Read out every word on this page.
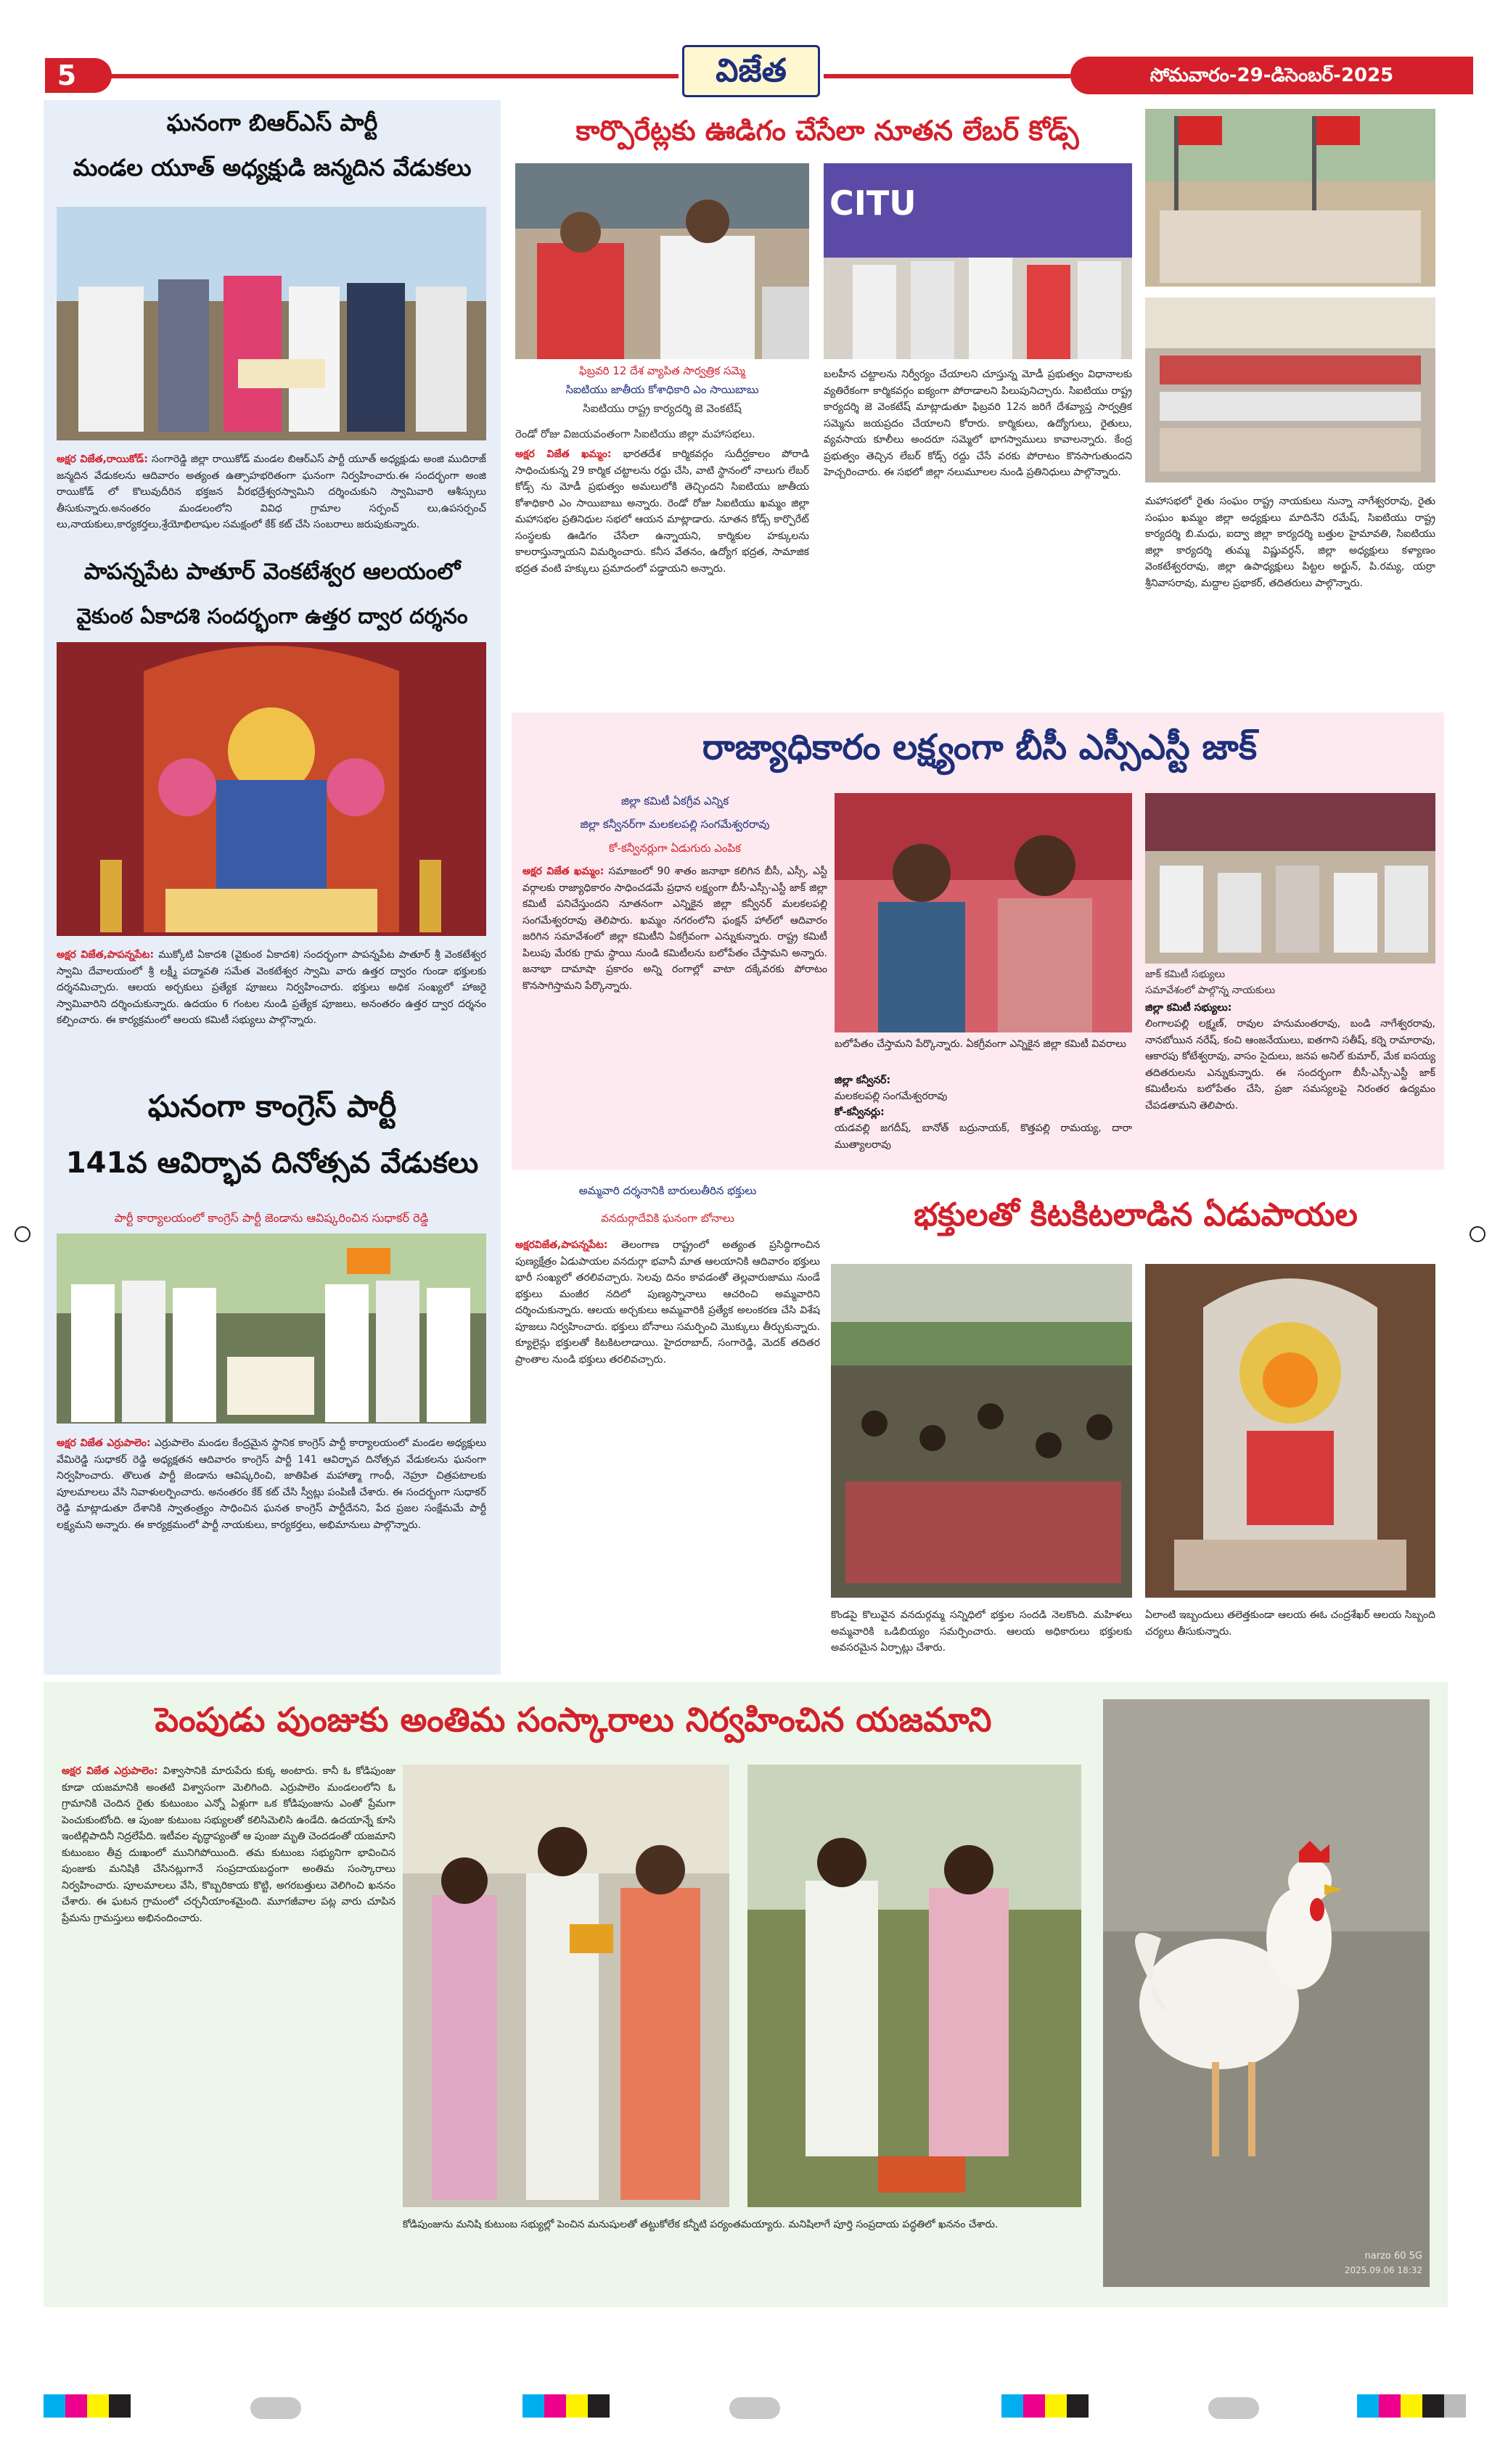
5	విజేత	సోమవారం-29-డిసెంబర్-2025
ఘనంగా బిఆర్ఎస్ పార్టీ
మండల యూత్ అధ్యక్షుడి జన్మదిన వేడుకలు
అక్షర విజేత,రాయికోడ్: సంగారెడ్డి జిల్లా రాయికోడ్ మండల బిఆర్ఎస్ పార్టీ యూత్ అధ్యక్షుడు అంజి ముదిరాజ్ జన్మదిన వేడుకలను ఆదివారం అత్యంత ఉత్సాహభరితంగా ఘనంగా నిర్వహించారు.ఈ సందర్భంగా అంజి రాయికోడ్ లో కొలువుదీరిన భక్తజన వీరభద్రేశ్వరస్వామిని దర్శించుకుని స్వామివారి ఆశీస్సులు తీసుకున్నారు.అనంతరం మండలంలోని వివిధ గ్రామాల సర్పంచ్ లు,ఉపసర్పంచ్ లు,నాయకులు,కార్యకర్తలు,శ్రేయోభిలాషుల సమక్షంలో కేక్ కట్ చేసి సంబరాలు జరుపుకున్నారు.
పాపన్నపేట పాతూర్ వెంకటేశ్వర ఆలయంలో
వైకుంఠ ఏకాదశి సందర్భంగా ఉత్తర ద్వార దర్శనం
అక్షర విజేత,పాపన్నపేట: ముక్కోటి ఏకాదశి (వైకుంఠ ఏకాదశి) సందర్భంగా పాపన్నపేట పాతూర్ శ్రీ వెంకటేశ్వర స్వామి దేవాలయంలో శ్రీ లక్ష్మీ పద్మావతి సమేత వెంకటేశ్వర స్వామి వారు ఉత్తర ద్వారం గుండా భక్తులకు దర్శనమిచ్చారు. ఆలయ అర్చకులు ప్రత్యేక పూజలు నిర్వహించారు. భక్తులు అధిక సంఖ్యలో హాజరై స్వామివారిని దర్శించుకున్నారు. ఉదయం 6 గంటల నుండి ప్రత్యేక పూజలు, అనంతరం ఉత్తర ద్వార దర్శనం కల్పించారు. ఈ కార్యక్రమంలో ఆలయ కమిటీ సభ్యులు పాల్గొన్నారు.
ఘనంగా కాంగ్రెస్ పార్టీ
141వ ఆవిర్భావ దినోత్సవ వేడుకలు
పార్టీ కార్యాలయంలో కాంగ్రెస్ పార్టీ జెండాను ఆవిష్కరించిన సుధాకర్ రెడ్డి
అక్షర విజేత ఎర్రుపాలెం: ఎర్రుపాలెం మండల కేంద్రమైన స్థానిక కాంగ్రెస్ పార్టీ కార్యాలయంలో మండల అధ్యక్షులు వేమిరెడ్డి సుధాకర్ రెడ్డి అధ్యక్షతన ఆదివారం కాంగ్రెస్ పార్టీ 141 ఆవిర్భావ దినోత్సవ వేడుకలను ఘనంగా నిర్వహించారు. తొలుత పార్టీ జెండాను ఆవిష్కరించి, జాతిపిత మహాత్మా గాంధీ, నెహ్రూ చిత్రపటాలకు పూలమాలలు వేసి నివాళులర్పించారు. అనంతరం కేక్ కట్ చేసి స్వీట్లు పంపిణీ చేశారు. ఈ సందర్భంగా సుధాకర్ రెడ్డి మాట్లాడుతూ దేశానికి స్వాతంత్ర్యం సాధించిన ఘనత కాంగ్రెస్ పార్టీదేనని, పేద ప్రజల సంక్షేమమే పార్టీ లక్ష్యమని అన్నారు. ఈ కార్యక్రమంలో పార్టీ నాయకులు, కార్యకర్తలు, అభిమానులు పాల్గొన్నారు.
కార్పొరేట్లకు ఊడిగం చేసేలా నూతన లేబర్ కోడ్స్
ఫిబ్రవరి 12 దేశ వ్యాపిత సార్వత్రిక సమ్మె
సిఐటియు జాతీయ కోశాధికారి ఎం సాయిబాబు
సిఐటియు రాష్ట్ర కార్యదర్శి జె వెంకటేష్
CITU
రెండో రోజు విజయవంతంగా సిఐటియు జిల్లా మహాసభలు.
అక్షర విజేత ఖమ్మం: భారతదేశ కార్మికవర్గం సుదీర్ఘకాలం పోరాడి సాధించుకున్న 29 కార్మిక చట్టాలను రద్దు చేసి, వాటి స్థానంలో నాలుగు లేబర్ కోడ్స్ ను మోడీ ప్రభుత్వం అమలులోకి తెచ్చిందని సిఐటియు జాతీయ కోశాధికారి ఎం సాయిబాబు అన్నారు. రెండో రోజు సిఐటియు ఖమ్మం జిల్లా మహాసభల ప్రతినిధుల సభలో ఆయన మాట్లాడారు. నూతన కోడ్స్ కార్పొరేట్ సంస్థలకు ఊడిగం చేసేలా ఉన్నాయని, కార్మికుల హక్కులను కాలరాస్తున్నాయని విమర్శించారు. కనీస వేతనం, ఉద్యోగ భద్రత, సామాజిక భద్రత వంటి హక్కులు ప్రమాదంలో పడ్డాయని అన్నారు.
బలహీన చట్టాలను నిర్వీర్యం చేయాలని చూస్తున్న మోడీ ప్రభుత్వం విధానాలకు వ్యతిరేకంగా కార్మికవర్గం ఐక్యంగా పోరాడాలని పిలుపునిచ్చారు. సిఐటియు రాష్ట్ర కార్యదర్శి జె వెంకటేష్ మాట్లాడుతూ ఫిబ్రవరి 12న జరిగే దేశవ్యాప్త సార్వత్రిక సమ్మెను జయప్రదం చేయాలని కోరారు. కార్మికులు, ఉద్యోగులు, రైతులు, వ్యవసాయ కూలీలు అందరూ సమ్మెలో భాగస్వాములు కావాలన్నారు. కేంద్ర ప్రభుత్వం తెచ్చిన లేబర్ కోడ్స్ రద్దు చేసే వరకు పోరాటం కొనసాగుతుందని హెచ్చరించారు. ఈ సభలో జిల్లా నలుమూలల నుండి ప్రతినిధులు పాల్గొన్నారు.
మహాసభలో రైతు సంఘం రాష్ట్ర నాయకులు నున్నా నాగేశ్వరరావు, రైతు సంఘం ఖమ్మం జిల్లా అధ్యక్షులు మాదినేని రమేష్, సిఐటియు రాష్ట్ర కార్యదర్శి బి.మధు, ఐద్వా జిల్లా కార్యదర్శి బత్తుల హైమావతి, సిఐటియు జిల్లా కార్యదర్శి తుమ్మ విష్ణువర్ధన్, జిల్లా అధ్యక్షులు కళ్యాణం వెంకటేశ్వరరావు, జిల్లా ఉపాధ్యక్షులు పిట్టల అర్జున్, పి.రమ్య, యర్రా శ్రీనివాసరావు, మద్దాల ప్రభాకర్, తదితరులు పాల్గొన్నారు.
రాజ్యాధికారం లక్ష్యంగా బీసీ ఎస్సీఎస్టీ జాక్
జిల్లా కమిటీ ఏకగ్రీవ ఎన్నిక
జిల్లా కన్వీనర్‌గా మలకలపల్లి సంగమేశ్వరరావు
కో-కన్వీనర్లుగా ఏడుగురు ఎంపిక
అక్షర విజేత ఖమ్మం: సమాజంలో 90 శాతం జనాభా కలిగిన బీసీ, ఎస్సీ, ఎస్టీ వర్గాలకు రాజ్యాధికారం సాధించడమే ప్రధాన లక్ష్యంగా బీసీ-ఎస్సీ-ఎస్టీ జాక్ జిల్లా కమిటీ పనిచేస్తుందని నూతనంగా ఎన్నికైన జిల్లా కన్వీనర్ మలకలపల్లి సంగమేశ్వరరావు తెలిపారు. ఖమ్మం నగరంలోని ఫంక్షన్ హాల్‌లో ఆదివారం జరిగిన సమావేశంలో జిల్లా కమిటీని ఏకగ్రీవంగా ఎన్నుకున్నారు. రాష్ట్ర కమిటీ పిలుపు మేరకు గ్రామ స్థాయి నుండి కమిటీలను బలోపేతం చేస్తామని అన్నారు. జనాభా దామాషా ప్రకారం అన్ని రంగాల్లో వాటా దక్కేవరకు పోరాటం కొనసాగిస్తామని పేర్కొన్నారు.
బలోపేతం చేస్తామని పేర్కొన్నారు. ఏకగ్రీవంగా ఎన్నికైన జిల్లా కమిటీ వివరాలు
జిల్లా కన్వీనర్:
మలకలపల్లి సంగమేశ్వరరావు
కో-కన్వీనర్లు:
యడవల్లి జగదీష్, బానోత్ బద్రునాయక్, కొత్తపల్లి రామయ్య, దారా ముత్యాలరావు
జాక్ కమిటీ సభ్యులు
సమావేశంలో పాల్గొన్న నాయకులు
జిల్లా కమిటీ సభ్యులు:
లింగాలపల్లి లక్ష్మణ్, రావుల హనుమంతరావు, బండి నాగేశ్వరరావు, నానబోయిన నరేష్, కంచి ఆంజనేయులు, ఐతగాని సతీష్, కర్నె రామారావు, ఆకారపు కోటేశ్వరావు, వాసం సైదులు, జనప అనిల్ కుమార్, మేక ఐసయ్య తదితరులను ఎన్నుకున్నారు. ఈ సందర్భంగా బీసీ-ఎస్సీ-ఎస్టీ జాక్ కమిటీలను బలోపేతం చేసి, ప్రజా సమస్యలపై నిరంతర ఉద్యమం చేపడతామని తెలిపారు.
అమ్మవారి దర్శనానికి బారులుతీరిన భక్తులు
వనదుర్గాదేవికి ఘనంగా బోనాలు	భక్తులతో కిటకిటలాడిన ఏడుపాయల
అక్షరవిజేత,పాపన్నపేట: తెలంగాణ రాష్ట్రంలో అత్యంత ప్రసిద్ధిగాంచిన పుణ్యక్షేత్రం ఏడుపాయల వనదుర్గా భవానీ మాత ఆలయానికి ఆదివారం భక్తులు భారీ సంఖ్యలో తరలివచ్చారు. సెలవు దినం కావడంతో తెల్లవారుజాము నుండే భక్తులు మంజీర నదిలో పుణ్యస్నానాలు ఆచరించి అమ్మవారిని దర్శించుకున్నారు. ఆలయ అర్చకులు అమ్మవారికి ప్రత్యేక అలంకరణ చేసి విశేష పూజలు నిర్వహించారు. భక్తులు బోనాలు సమర్పించి మొక్కులు తీర్చుకున్నారు. క్యూలైన్లు భక్తులతో కిటకిటలాడాయి. హైదరాబాద్, సంగారెడ్డి, మెదక్ తదితర ప్రాంతాల నుండి భక్తులు తరలివచ్చారు.
కొండపై కొలువైన వనదుర్గమ్మ సన్నిధిలో భక్తుల సందడి నెలకొంది. మహిళలు అమ్మవారికి ఒడిబియ్యం సమర్పించారు. ఆలయ అధికారులు భక్తులకు అవసరమైన ఏర్పాట్లు చేశారు.
ఏలాంటి ఇబ్బందులు తలెత్తకుండా ఆలయ ఈఓ చంద్రశేఖర్ ఆలయ సిబ్బంది చర్యలు తీసుకున్నారు.
పెంపుడు పుంజుకు అంతిమ సంస్కారాలు నిర్వహించిన యజమాని
అక్షర విజేత ఎర్రుపాలెం: విశ్వాసానికి మారుపేరు కుక్క అంటారు. కానీ ఓ కోడిపుంజు కూడా యజమానికి అంతటి విశ్వాసంగా మెలిగింది. ఎర్రుపాలెం మండలంలోని ఓ గ్రామానికి చెందిన రైతు కుటుంబం ఎన్నో ఏళ్లుగా ఒక కోడిపుంజును ఎంతో ప్రేమగా పెంచుకుంటోంది. ఆ పుంజు కుటుంబ సభ్యులతో కలిసిమెలిసి ఉండేది. ఉదయాన్నే కూసి ఇంటిల్లిపాదినీ నిద్రలేపేది. ఇటీవల వృద్ధాప్యంతో ఆ పుంజు మృతి చెందడంతో యజమాని కుటుంబం తీవ్ర దుఃఖంలో మునిగిపోయింది. తమ కుటుంబ సభ్యునిగా భావించిన పుంజుకు మనిషికి చేసినట్లుగానే సంప్రదాయబద్ధంగా అంతిమ సంస్కారాలు నిర్వహించారు. పూలమాలలు వేసి, కొబ్బరికాయ కొట్టి, అగరబత్తులు వెలిగించి ఖననం చేశారు. ఈ ఘటన గ్రామంలో చర్చనీయాంశమైంది. మూగజీవాల పట్ల వారు చూపిన ప్రేమను గ్రామస్తులు అభినందించారు.
కోడిపుంజును మనిషి కుటుంబ సభ్యుల్లో పెంచిన మనుషులతో తట్టుకోలేక కన్నీటి పర్యంతమయ్యారు. మనిషిలాగే పూర్తి సంప్రదాయ పద్ధతిలో ఖననం చేశారు.
narzo 60 5G
2025.09.06 18:32
